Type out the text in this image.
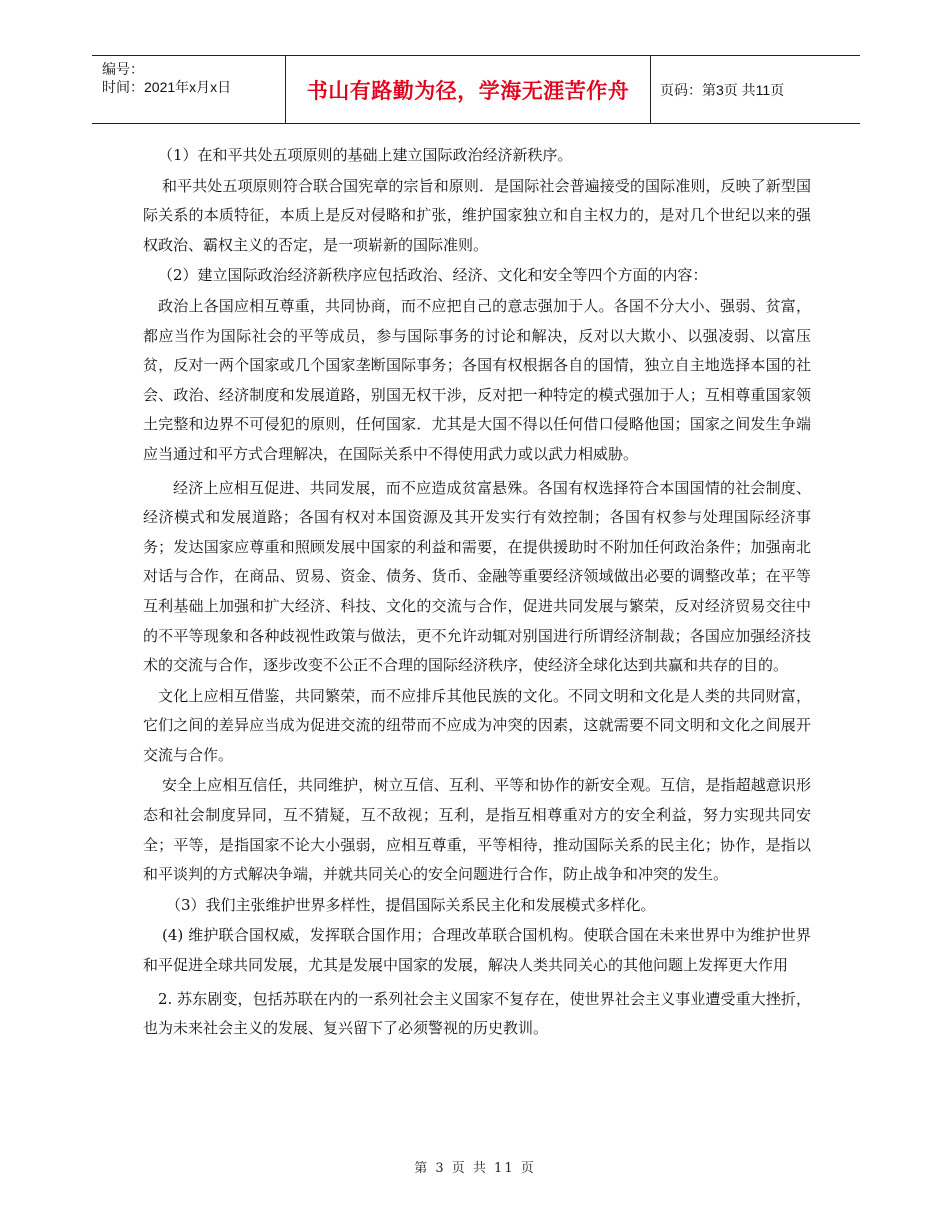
编号：
时间：2021年x月x日	书山有路勤为径，学海无涯苦作舟	页码：第3页 共11页

（1）在和平共处五项原则的基础上建立国际政治经济新秩序。

和平共处五项原则符合联合国宪章的宗旨和原则．是国际社会普遍接受的国际准则，反映了新型国际关系的本质特征，本质上是反对侵略和扩张，维护国家独立和自主权力的，是对几个世纪以来的强权政治、霸权主义的否定，是一项崭新的国际准则。

（2）建立国际政治经济新秩序应包括政治、经济、文化和安全等四个方面的内容：

政治上各国应相互尊重，共同协商，而不应把自己的意志强加于人。各国不分大小、强弱、贫富，都应当作为国际社会的平等成员，参与国际事务的讨论和解决，反对以大欺小、以强凌弱、以富压贫，反对一两个国家或几个国家垄断国际事务；各国有权根据各自的国情，独立自主地选择本国的社会、政治、经济制度和发展道路，别国无权干涉，反对把一种特定的模式强加于人；互相尊重国家领土完整和边界不可侵犯的原则，任何国家．尤其是大国不得以任何借口侵略他国；国家之间发生争端应当通过和平方式合理解决，在国际关系中不得使用武力或以武力相威胁。

经济上应相互促进、共同发展，而不应造成贫富悬殊。各国有权选择符合本国国情的社会制度、经济模式和发展道路；各国有权对本国资源及其开发实行有效控制；各国有权参与处理国际经济事务；发达国家应尊重和照顾发展中国家的利益和需要，在提供援助时不附加任何政治条件；加强南北对话与合作，在商品、贸易、资金、债务、货币、金融等重要经济领域做出必要的调整改革；在平等互利基础上加强和扩大经济、科技、文化的交流与合作，促进共同发展与繁荣，反对经济贸易交往中的不平等现象和各种歧视性政策与做法，更不允许动辄对别国进行所谓经济制裁；各国应加强经济技术的交流与合作，逐步改变不公正不合理的国际经济秩序，使经济全球化达到共赢和共存的目的。

文化上应相互借鉴，共同繁荣，而不应排斥其他民族的文化。不同文明和文化是人类的共同财富，它们之间的差异应当成为促进交流的纽带而不应成为冲突的因素，这就需要不同文明和文化之间展开交流与合作。

安全上应相互信任，共同维护，树立互信、互利、平等和协作的新安全观。互信，是指超越意识形态和社会制度异同，互不猜疑，互不敌视；互利，是指互相尊重对方的安全利益，努力实现共同安全；平等，是指国家不论大小强弱，应相互尊重，平等相待，推动国际关系的民主化；协作，是指以和平谈判的方式解决争端，并就共同关心的安全问题进行合作，防止战争和冲突的发生。

（3）我们主张维护世界多样性，提倡国际关系民主化和发展模式多样化。

(4) 维护联合国权威，发挥联合国作用；合理改革联合国机构。使联合国在未来世界中为维护世界和平促进全球共同发展，尤其是发展中国家的发展，解决人类共同关心的其他问题上发挥更大作用

2. 苏东剧变，包括苏联在内的一系列社会主义国家不复存在，使世界社会主义事业遭受重大挫折，也为未来社会主义的发展、复兴留下了必须警视的历史教训。

第 3 页 共 11 页
